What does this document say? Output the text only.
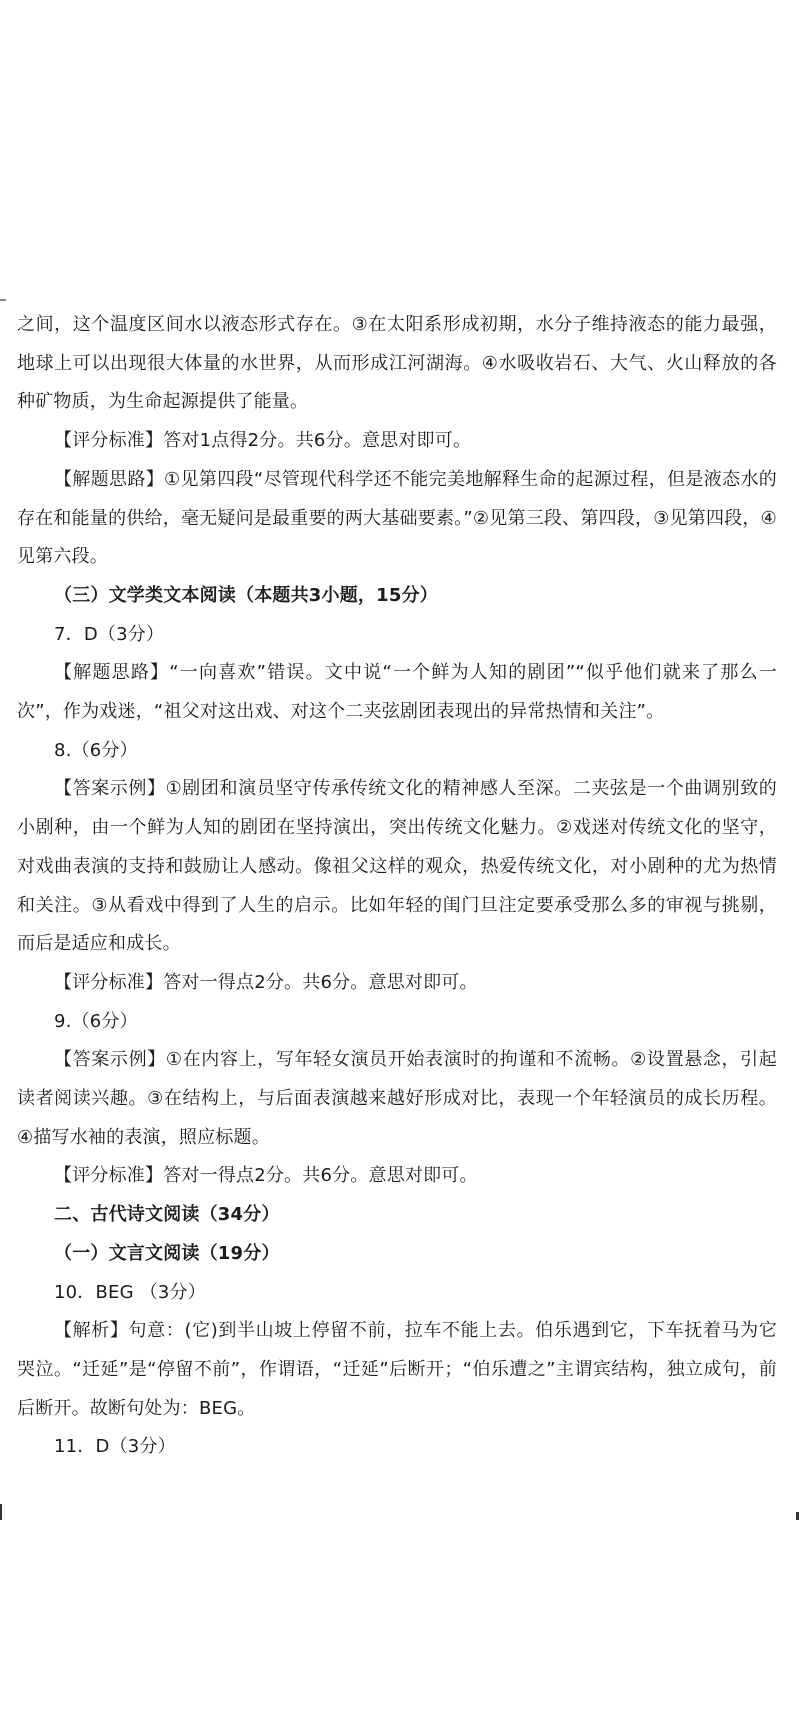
之间，这个温度区间水以液态形式存在。③在太阳系形成初期，水分子维持液态的能力最强，地球上可以出现很大体量的水世界，从而形成江河湖海。④水吸收岩石、大气、火山释放的各种矿物质，为生命起源提供了能量。

【评分标准】答对1点得2分。共6分。意思对即可。

【解题思路】①见第四段“尽管现代科学还不能完美地解释生命的起源过程，但是液态水的存在和能量的供给，毫无疑问是最重要的两大基础要素。”②见第三段、第四段，③见第四段，④见第六段。

（三）文学类文本阅读（本题共3小题，15分）

7．D（3分）

【解题思路】“一向喜欢”错误。文中说“一个鲜为人知的剧团”“似乎他们就来了那么一次”，作为戏迷，“祖父对这出戏、对这个二夹弦剧团表现出的异常热情和关注”。

8.（6分）

【答案示例】①剧团和演员坚守传承传统文化的精神感人至深。二夹弦是一个曲调别致的小剧种，由一个鲜为人知的剧团在坚持演出，突出传统文化魅力。②戏迷对传统文化的坚守，对戏曲表演的支持和鼓励让人感动。像祖父这样的观众，热爱传统文化，对小剧种的尤为热情和关注。③从看戏中得到了人生的启示。比如年轻的闺门旦注定要承受那么多的审视与挑剔，而后是适应和成长。

【评分标准】答对一得点2分。共6分。意思对即可。

9.（6分）

【答案示例】①在内容上，写年轻女演员开始表演时的拘谨和不流畅。②设置悬念，引起读者阅读兴趣。③在结构上，与后面表演越来越好形成对比，表现一个年轻演员的成长历程。④描写水袖的表演，照应标题。

【评分标准】答对一得点2分。共6分。意思对即可。

二、古代诗文阅读（34分）

（一）文言文阅读（19分）

10．BEG （3分）

【解析】句意：(它)到半山坡上停留不前，拉车不能上去。伯乐遇到它，下车抚着马为它哭泣。“迁延”是“停留不前”，作谓语，“迁延”后断开；“伯乐遭之”主谓宾结构，独立成句，前后断开。故断句处为：BEG。

11．D（3分）
